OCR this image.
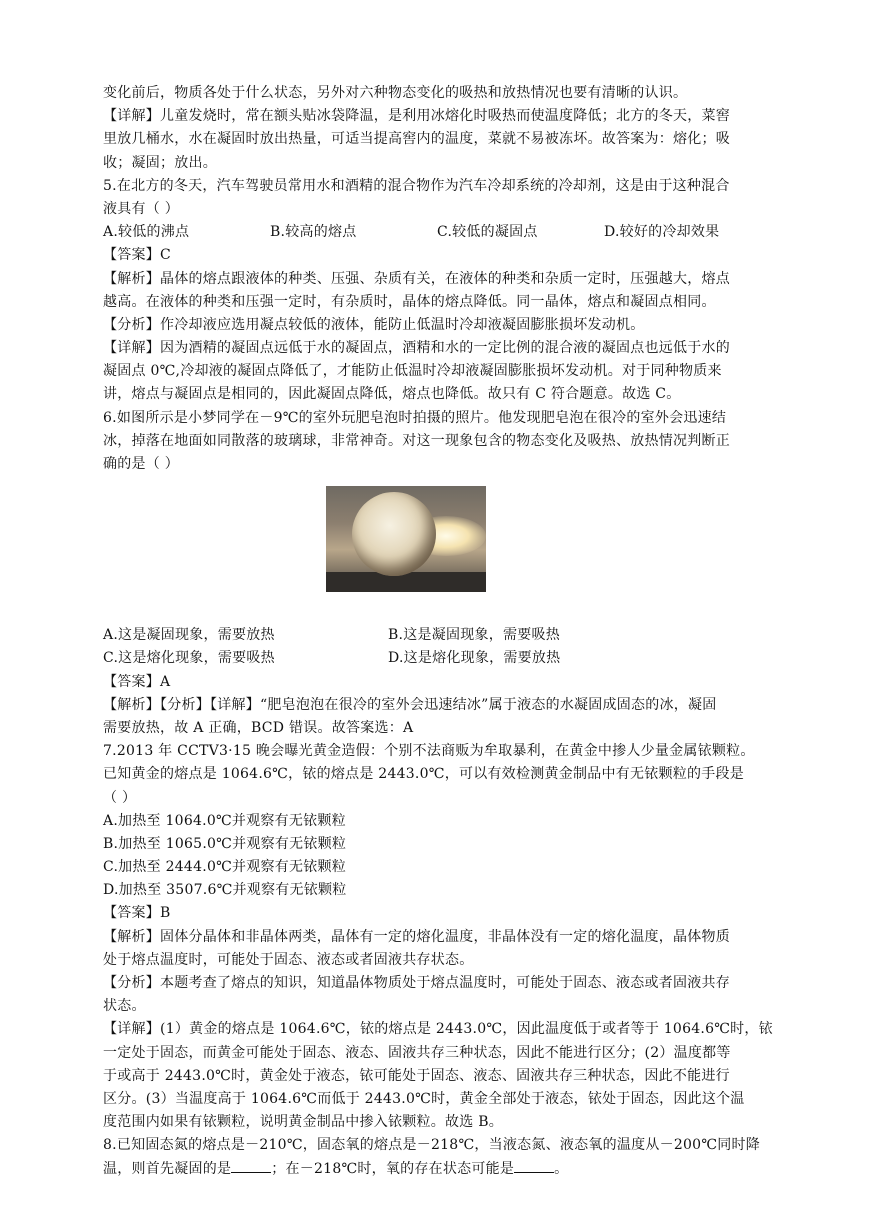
变化前后，物质各处于什么状态，另外对六种物态变化的吸热和放热情况也要有清晰的认识。
【详解】儿童发烧时，常在额头贴冰袋降温，是利用冰熔化时吸热而使温度降低；北方的冬天，菜窖
里放几桶水，水在凝固时放出热量，可适当提高窖内的温度，菜就不易被冻坏。故答案为：熔化；吸
收；凝固；放出。
5.在北方的冬天，汽车驾驶员常用水和酒精的混合物作为汽车冷却系统的冷却剂，这是由于这种混合
液具有（ ）
A.较低的沸点	B.较高的熔点	C.较低的凝固点	D.较好的冷却效果
【答案】C
【解析】晶体的熔点跟液体的种类、压强、杂质有关，在液体的种类和杂质一定时，压强越大，熔点
越高。在液体的种类和压强一定时，有杂质时，晶体的熔点降低。同一晶体，熔点和凝固点相同。
【分析】作冷却液应选用凝点较低的液体，能防止低温时冷却液凝固膨胀损坏发动机。
【详解】因为酒精的凝固点远低于水的凝固点，酒精和水的一定比例的混合液的凝固点也远低于水的
凝固点 0℃,冷却液的凝固点降低了，才能防止低温时冷却液凝固膨胀损坏发动机。对于同种物质来
讲，熔点与凝固点是相同的，因此凝固点降低，熔点也降低。故只有 C 符合题意。故选 C。
6.如图所示是小梦同学在－9℃的室外玩肥皂泡时拍摄的照片。他发现肥皂泡在很冷的室外会迅速结
冰，掉落在地面如同散落的玻璃球，非常神奇。对这一现象包含的物态变化及吸热、放热情况判断正
确的是（ ）
A.这是凝固现象，需要放热	B.这是凝固现象，需要吸热
C.这是熔化现象，需要吸热	D.这是熔化现象，需要放热
【答案】A
【解析】【分析】【详解】“肥皂泡泡在很冷的室外会迅速结冰”属于液态的水凝固成固态的冰，凝固
需要放热，故 A 正确，BCD 错误。故答案选：A
7.2013 年 CCTV3·15 晚会曝光黄金造假：个别不法商贩为牟取暴利，在黄金中掺人少量金属铱颗粒。
已知黄金的熔点是 1064.6℃，铱的熔点是 2443.0℃，可以有效检测黄金制品中有无铱颗粒的手段是
（ ）
A.加热至 1064.0℃并观察有无铱颗粒
B.加热至 1065.0℃并观察有无铱颗粒
C.加热至 2444.0℃并观察有无铱颗粒
D.加热至 3507.6℃并观察有无铱颗粒
【答案】B
【解析】固体分晶体和非晶体两类，晶体有一定的熔化温度，非晶体没有一定的熔化温度，晶体物质
处于熔点温度时，可能处于固态、液态或者固液共存状态。
【分析】本题考查了熔点的知识，知道晶体物质处于熔点温度时，可能处于固态、液态或者固液共存
状态。
【详解】(1）黄金的熔点是 1064.6℃，铱的熔点是 2443.0℃，因此温度低于或者等于 1064.6℃时，铱
一定处于固态，而黄金可能处于固态、液态、固液共存三种状态，因此不能进行区分；(2）温度都等
于或高于 2443.0℃时，黄金处于液态，铱可能处于固态、液态、固液共存三种状态，因此不能进行
区分。(3）当温度高于 1064.6℃而低于 2443.0℃时，黄金全部处于液态，铱处于固态，因此这个温
度范围内如果有铱颗粒，说明黄金制品中掺入铱颗粒。故选 B。
8.已知固态氮的熔点是－210℃，固态氧的熔点是－218℃，当液态氮、液态氧的温度从－200℃同时降
温，则首先凝固的是	；在－218℃时，氧的存在状态可能是	。
